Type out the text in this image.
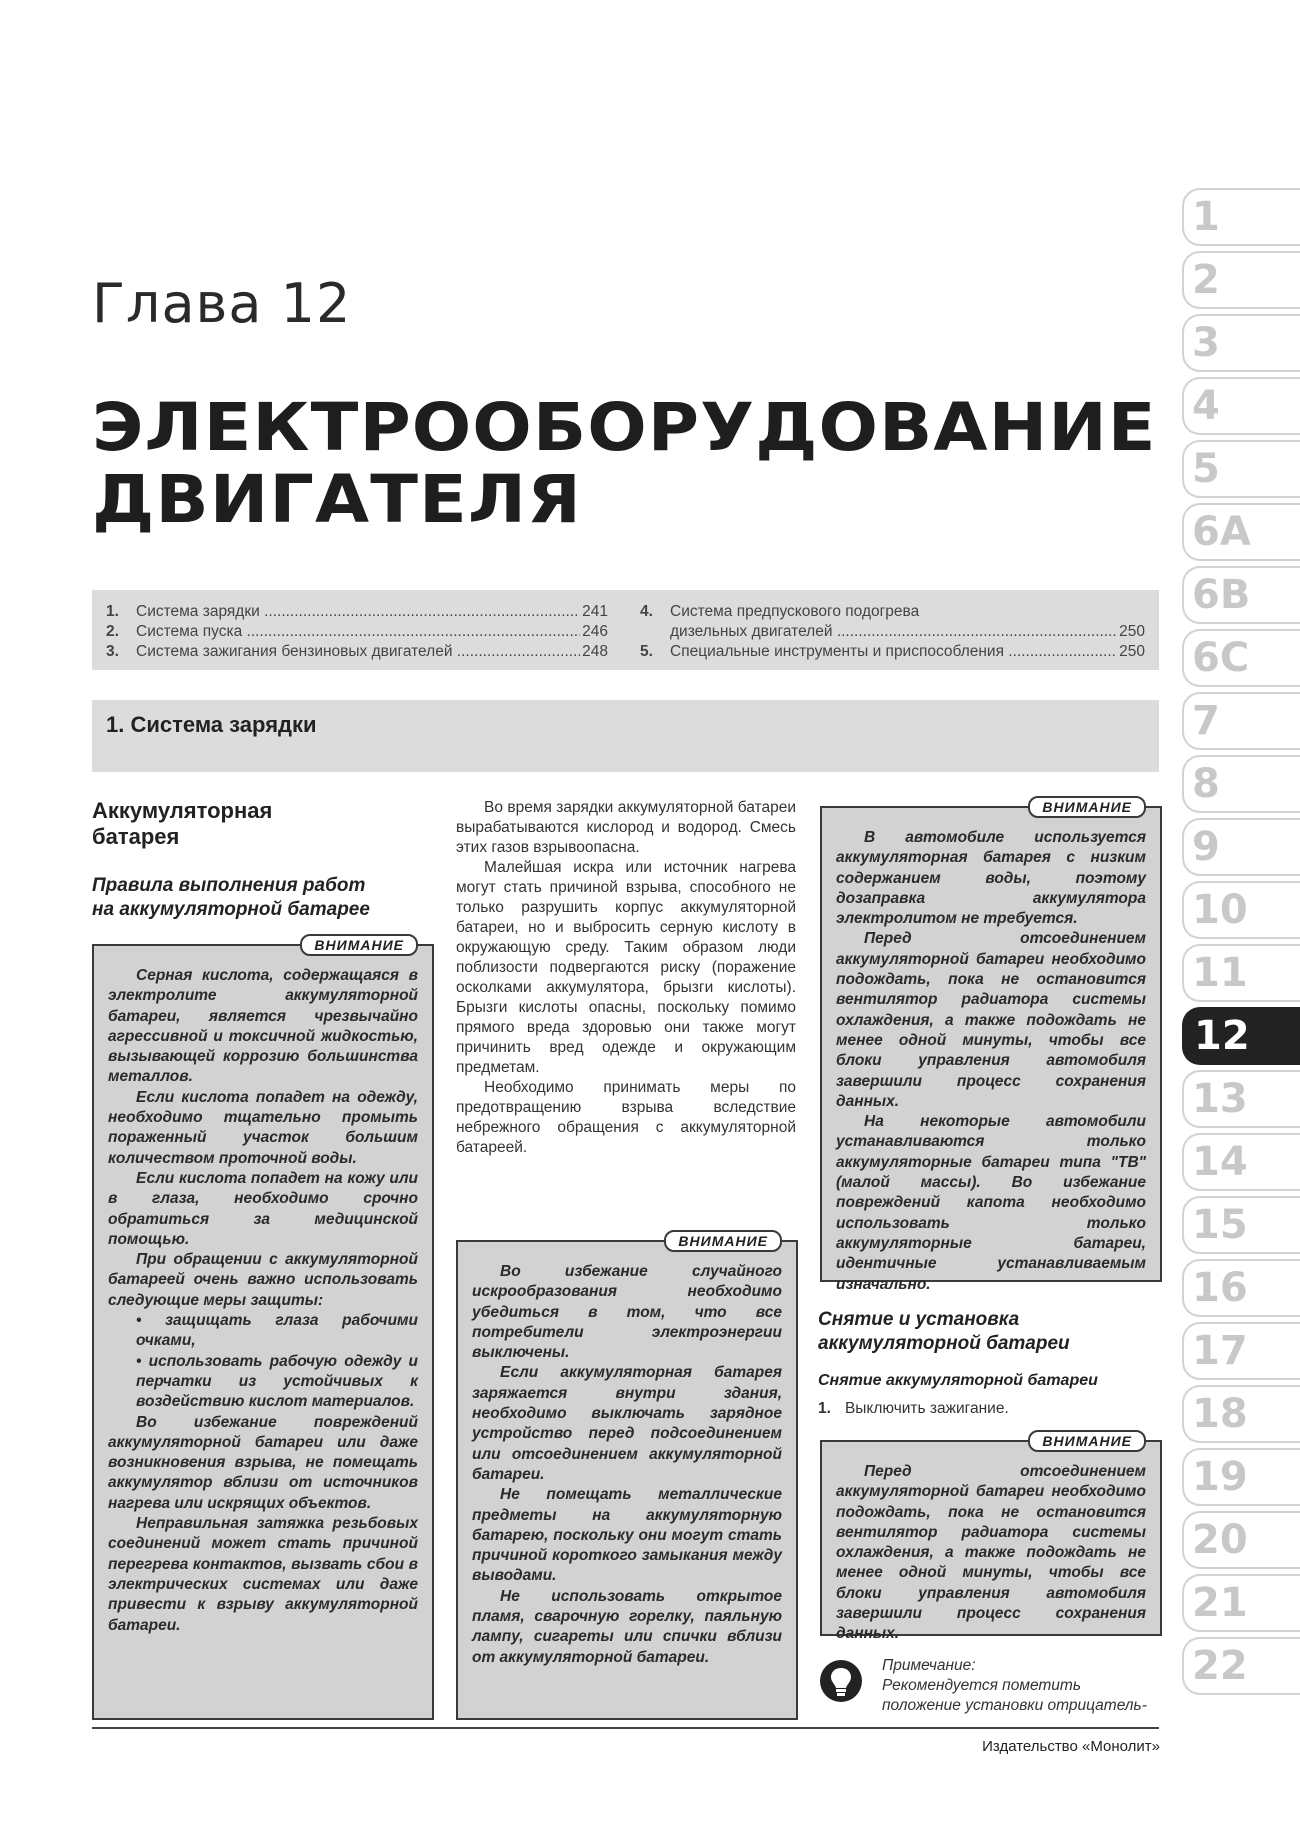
Глава 12
ЭЛЕКТРООБОРУДОВАНИЕ
ДВИГАТЕЛЯ
1.	Система зарядки .....	241
2.	Система пуска .....	246
3.	Система зажигания бензиновых двигателей .....	248
4.	Система предпускового подогрева
дизельных двигателей .....	250
5.	Специальные инструменты и приспособления .....	250
1. Система зарядки
Аккумуляторная
батарея
Правила выполнения работ
на аккумуляторной батарее
ВНИМАНИЕ

Серная кислота, содержащаяся в электролите аккумуляторной батареи, является чрезвычайно агрессивной и токсичной жидкостью, вызывающей коррозию большинства металлов.

Если кислота попадет на одежду, необходимо тщательно промыть пораженный участок большим количеством проточной воды.

Если кислота попадет на кожу или в глаза, необходимо срочно обратиться за медицинской помощью.

При обращении с аккумуляторной батареей очень важно использовать следующие меры защиты:

• защищать глаза рабочими очками,

• использовать рабочую одежду и перчатки из устойчивых к воздействию кислот материалов.

Во избежание повреждений аккумуляторной батареи или даже возникновения взрыва, не помещать аккумулятор вблизи от источников нагрева или искрящих объектов.

Неправильная затяжка резьбовых соединений может стать причиной перегрева контактов, вызвать сбои в электрических системах или даже привести к взрыву аккумуляторной батареи.

Во время зарядки аккумуляторной батареи вырабатываются кислород и водород. Смесь этих газов взрывоопасна.

Малейшая искра или источник нагрева могут стать причиной взрыва, способного не только разрушить корпус аккумуляторной батареи, но и выбросить серную кислоту в окружающую среду. Таким образом люди поблизости подвергаются риску (поражение осколками аккумулятора, брызги кислоты). Брызги кислоты опасны, поскольку помимо прямого вреда здоровью они также могут причинить вред одежде и окружающим предметам.

Необходимо принимать меры по предотвращению взрыва вследствие небрежного обращения с аккумуляторной батареей.

ВНИМАНИЕ

Во избежание случайного искрообразования необходимо убедиться в том, что все потребители электроэнергии выключены.

Если аккумуляторная батарея заряжается внутри здания, необходимо выключать зарядное устройство перед подсоединением или отсоединением аккумуляторной батареи.

Не помещать металлические предметы на аккумуляторную батарею, поскольку они могут стать причиной короткого замыкания между выводами.

Не использовать открытое пламя, сварочную горелку, паяльную лампу, сигареты или спички вблизи от аккумуляторной батареи.

ВНИМАНИЕ

В автомобиле используется аккумуляторная батарея с низким содержанием воды, поэтому дозаправка аккумулятора электролитом не требуется.

Перед отсоединением аккумуляторной батареи необходимо подождать, пока не остановится вентилятор радиатора системы охлаждения, а также подождать не менее одной минуты, чтобы все блоки управления автомобиля завершили процесс сохранения данных.

На некоторые автомобили устанавливаются только аккумуляторные батареи типа "ТВ" (малой массы). Во избежание повреждений капота необходимо использовать только аккумуляторные батареи, идентичные устанавливаемым изначально.

Снятие и установка
аккумуляторной батареи
Снятие аккумуляторной батареи
1. Выключить зажигание.
ВНИМАНИЕ

Перед отсоединением аккумуляторной батареи необходимо подождать, пока не остановится вентилятор радиатора системы охлаждения, а также подождать не менее одной минуты, чтобы все блоки управления автомобиля завершили процесс сохранения данных.

Примечание:
Рекомендуется пометить положение установки отрицатель-
Издательство «Монолит»
1
2
3
4
5
6A
6B
6C
7
8
9
10
11
12
13
14
15
16
17
18
19
20
21
22
